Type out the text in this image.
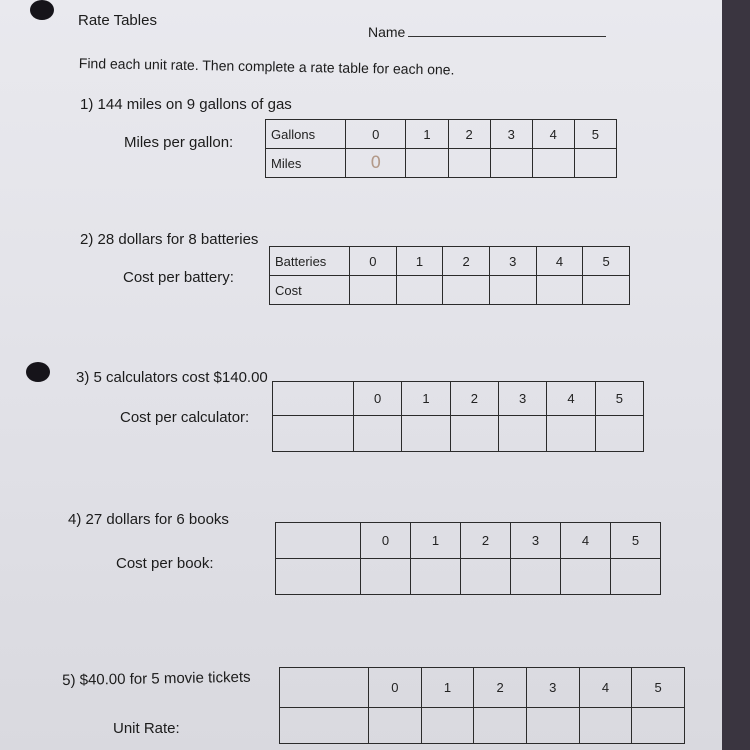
Rate Tables
Name
Find each unit rate. Then complete a rate table for each one.
1) 144 miles on 9 gallons of gas
Miles per gallon:	Gallons	0	1	2	3	4	5
Miles	0					
2) 28 dollars for 8 batteries
Cost per battery:
Batteries	0	1	2	3	4	5
Cost						
3) 5 calculators cost $140.00
Cost per calculator:
	0	1	2	3	4	5

4) 27 dollars for 6 books
Cost per book:
	0	1	2	3	4	5

5) $40.00 for 5 movie tickets
Unit Rate:
	0	1	2	3	4	5
